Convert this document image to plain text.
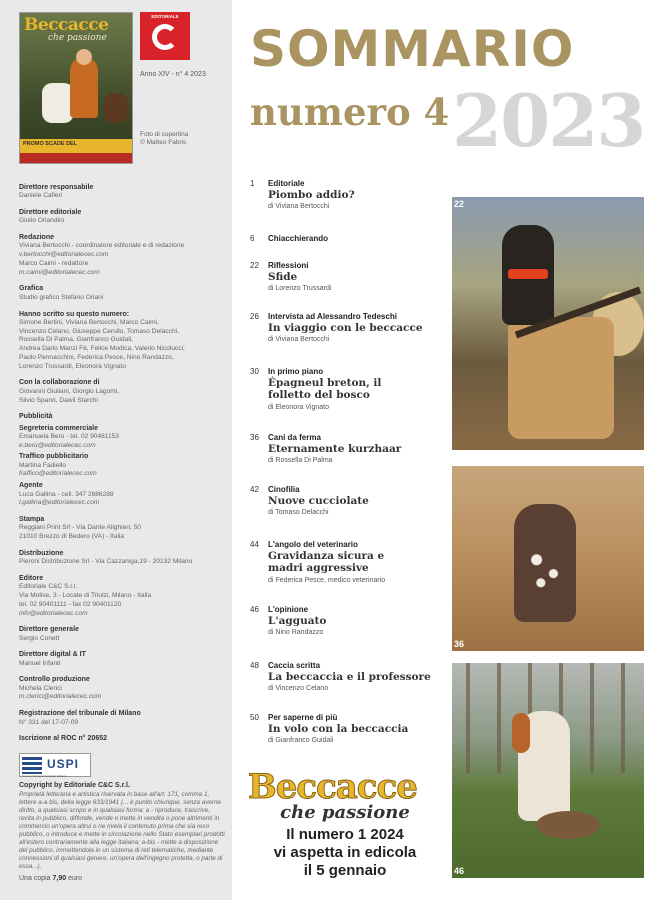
Beccacce
che passione
PROMO SCADE DEL
EDITORIALE
Anno XIV - n° 4 2023
Foto di copertina
© Matteo Fabris
Direttore responsabile
Daniele Cafieri
Direttore editoriale
Giulio Orlandini
Redazione
Viviana Bertocchi - coordinatore editoriale e di redazione
v.bertocchi@editorialecec.com
Marco Caimi - redattore
m.caimi@editorialecec.com
Grafica
Studio grafico Stefano Oriani
Hanno scritto su questo numero:
Simone Bertini, Viviana Bertocchi, Marco Caimi,
Vincenzo Celano, Giuseppe Cerullo, Tomaso Delacchi,
Rossella Di Palma, Gianfranco Guidali,
Andrea Dario Manzi Fè, Felice Modica, Valerio Nicolucci,
Paolo Pennacchini, Federica Pesce, Nino Randazzo,
Lorenzo Trussardi, Eleonora Vignato
Con la collaborazione di
Giovanni Giuliani, Giorgio Lagomi,
Silvio Spanò, Dawil Starchi
Pubblicità
Segreteria commerciale
Emanuela Berù - tel. 02 90481153
e.berù@editorialecec.com
Traffico pubblicitario
Martina Fadiello
fraffico@editorialecec.com
Agente
Luca Gallina - cell. 347 2686288
l.gallina@editorialecec.com
Stampa
Reggiani Print Srl - Via Dante Alighieri, 50
21010 Brezzo di Bedero (VA) - Italia
Distribuzione
Pieroni Distribuzione Srl - Via Cazzaniga,19 - 20132 Milano
Editore
Editoriale C&C S.r.l.
Via Molise, 3 - Locate di Triulzi, Milano - Italia
tel. 02 90401111 - fax 02 90401120
info@editorialecec.com
Direttore generale
Sergio Conett
Direttore digital & IT
Manuel Infanti
Controllo produzione
Michela Clerici
m.clerici@editorialecec.com
Registrazione del tribunale di Milano
N° 331 del 17-07-09
Iscrizione al ROC n° 20652
USPI
Unione Stampa Periodica Italiana
Copyright by Editoriale C&C S.r.l.
Proprietà letteraria e artistica riservata in base all'art. 171, comma 1, lettere a-a bis, della legge 633/1941 (... è punito chiunque, senza averne diritto, a qualsiasi scopo e in qualsiasi forma: a - riproduce, trascrive, recita in pubblico, diffonde, vende o mette in vendita o pone altrimenti in commercio un'opera altrui o ne rivela il contenuto prima che sia reso pubblico, o introduce e mette in circolazione nello Stato esemplari prodotti all'estero contrariamente alla legge italiana; a-bis - mette a disposizione del pubblico, immettendola in un sistema di reti telematiche, mediante connessioni di qualsiasi genere, un'opera dell'ingegno protetta, o parte di essa...).
Una copia 7,90 euro
SOMMARIO
numero 4 2023
1 Editoriale
Piombo addio?
di Viviana Bertocchi
6 Chiacchierando
22 Riflessioni
Sfide
di Lorenzo Trussardi
26 Intervista ad Alessandro Tedeschi
In viaggio con le beccacce
di Viviana Bertocchi
30 In primo piano
Épagneul breton, il folletto del bosco
di Eleonora Vignato
36 Cani da ferma
Eternamente kurzhaar
di Rossella Di Palma
42 Cinofilia
Nuove cucciolate
di Tomaso Delacchi
44 L'angolo del veterinario
Gravidanza sicura e madri aggressive
di Federica Pesce, medico veterinario
46 L'opinione
L'agguato
di Nino Randazzo
48 Caccia scritta
La beccaccia e il professore
di Vincenzo Celano
50 Per saperne di più
In volo con la beccaccia
di Gianfranco Guidali
22
36
46
Beccacce
che passione
Il numero 1 2024
vi aspetta in edicola
il 5 gennaio
